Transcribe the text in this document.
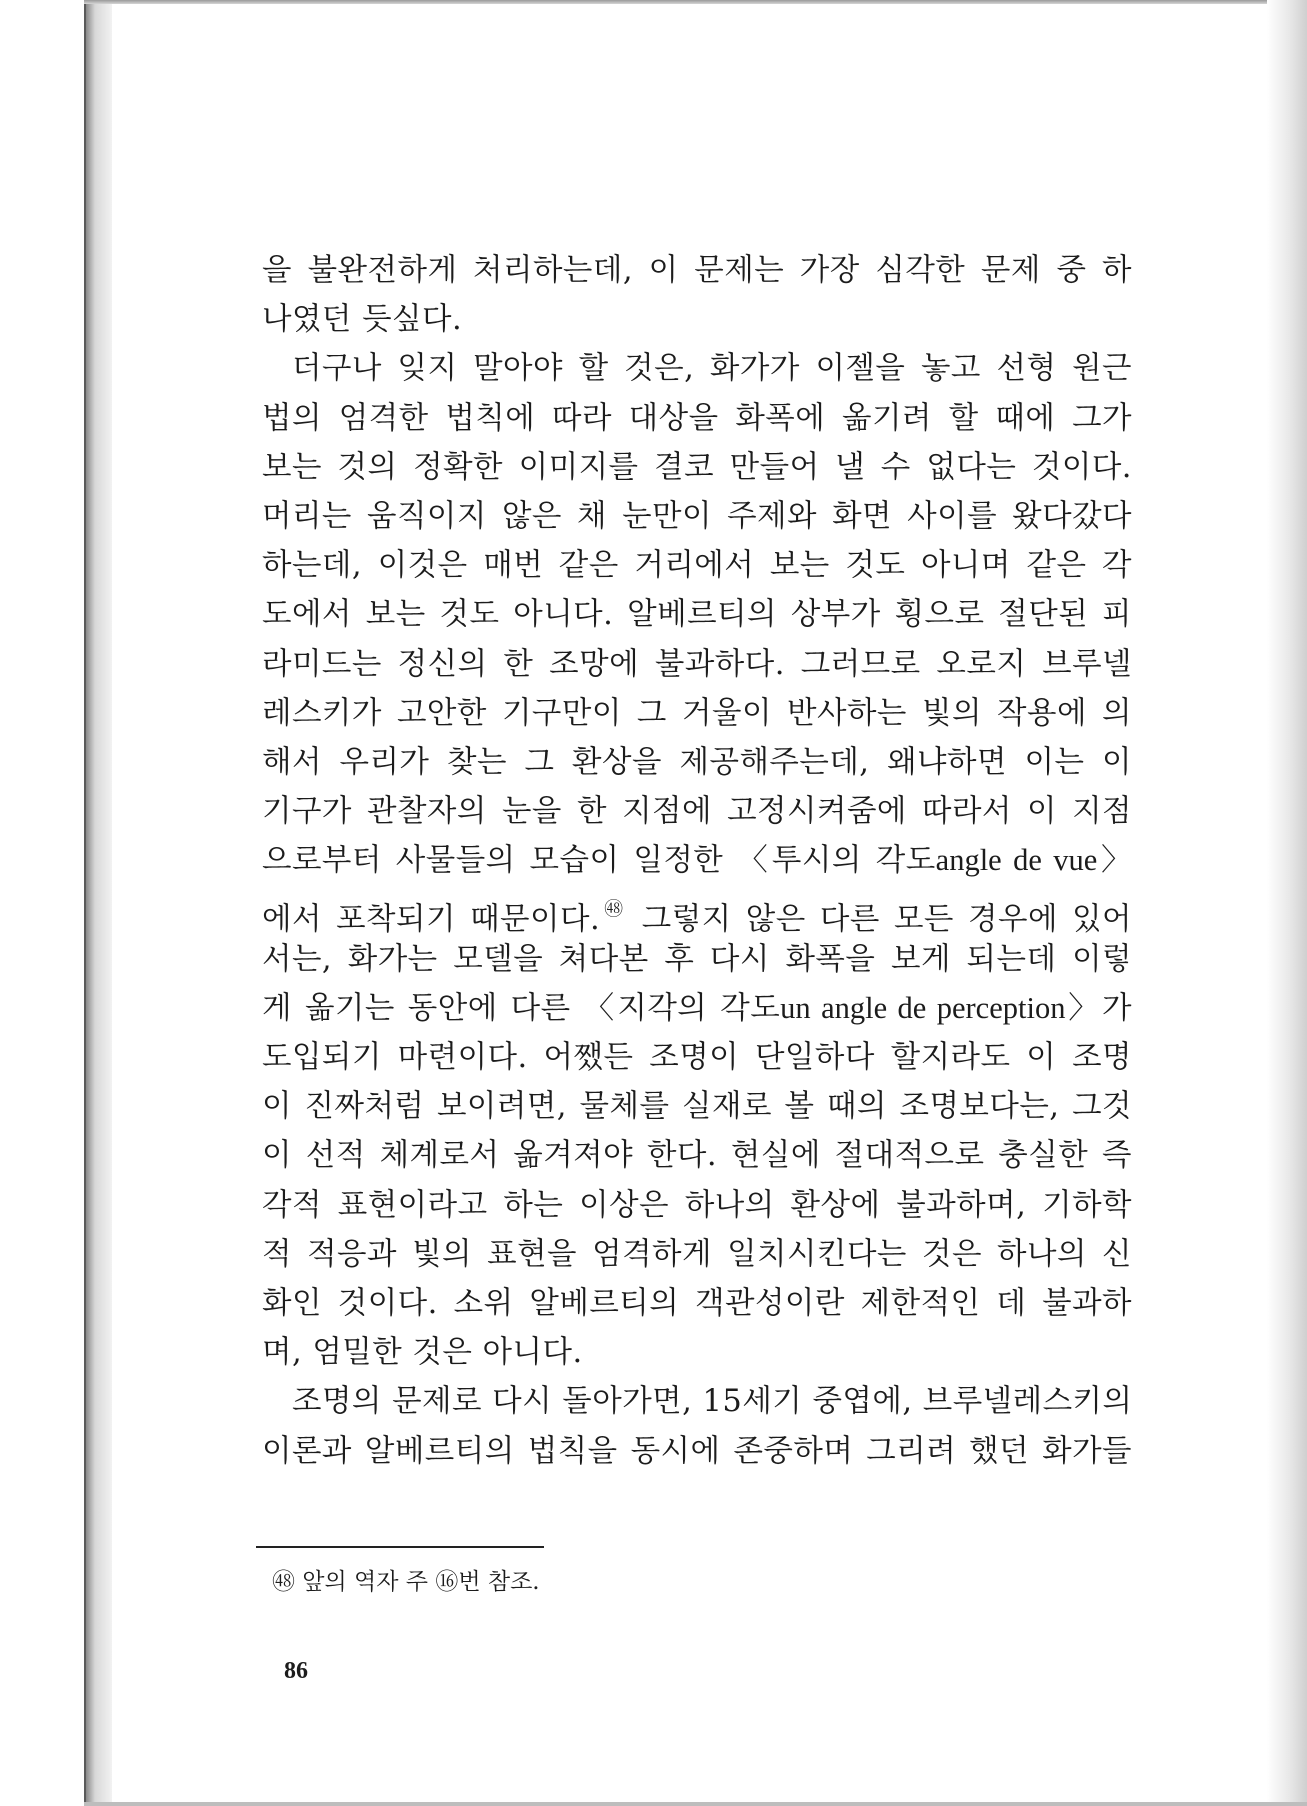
을 불완전하게 처리하는데, 이 문제는 가장 심각한 문제 중 하
나였던 듯싶다.
더구나 잊지 말아야 할 것은, 화가가 이젤을 놓고 선형 원근
법의 엄격한 법칙에 따라 대상을 화폭에 옮기려 할 때에 그가
보는 것의 정확한 이미지를 결코 만들어 낼 수 없다는 것이다.
머리는 움직이지 않은 채 눈만이 주제와 화면 사이를 왔다갔다
하는데, 이것은 매번 같은 거리에서 보는 것도 아니며 같은 각
도에서 보는 것도 아니다. 알베르티의 상부가 횡으로 절단된 피
라미드는 정신의 한 조망에 불과하다. 그러므로 오로지 브루넬
레스키가 고안한 기구만이 그 거울이 반사하는 빛의 작용에 의
해서 우리가 찾는 그 환상을 제공해주는데, 왜냐하면 이는 이
기구가 관찰자의 눈을 한 지점에 고정시켜줌에 따라서 이 지점
으로부터 사물들의 모습이 일정한 〈투시의 각도angle de vue〉
에서 포착되기 때문이다.$^㊽$ 그렇지 않은 다른 모든 경우에 있어
서는, 화가는 모델을 쳐다본 후 다시 화폭을 보게 되는데 이렇
게 옮기는 동안에 다른 〈지각의 각도un angle de perception〉가
도입되기 마련이다. 어쨌든 조명이 단일하다 할지라도 이 조명
이 진짜처럼 보이려면, 물체를 실재로 볼 때의 조명보다는, 그것
이 선적 체계로서 옮겨져야 한다. 현실에 절대적으로 충실한 즉
각적 표현이라고 하는 이상은 하나의 환상에 불과하며, 기하학
적 적응과 빛의 표현을 엄격하게 일치시킨다는 것은 하나의 신
화인 것이다. 소위 알베르티의 객관성이란 제한적인 데 불과하
며, 엄밀한 것은 아니다.
조명의 문제로 다시 돌아가면, 15세기 중엽에, 브루넬레스키의
이론과 알베르티의 법칙을 동시에 존중하며 그리려 했던 화가들
㊽ 앞의 역자 주 ⑯번 참조.
86
